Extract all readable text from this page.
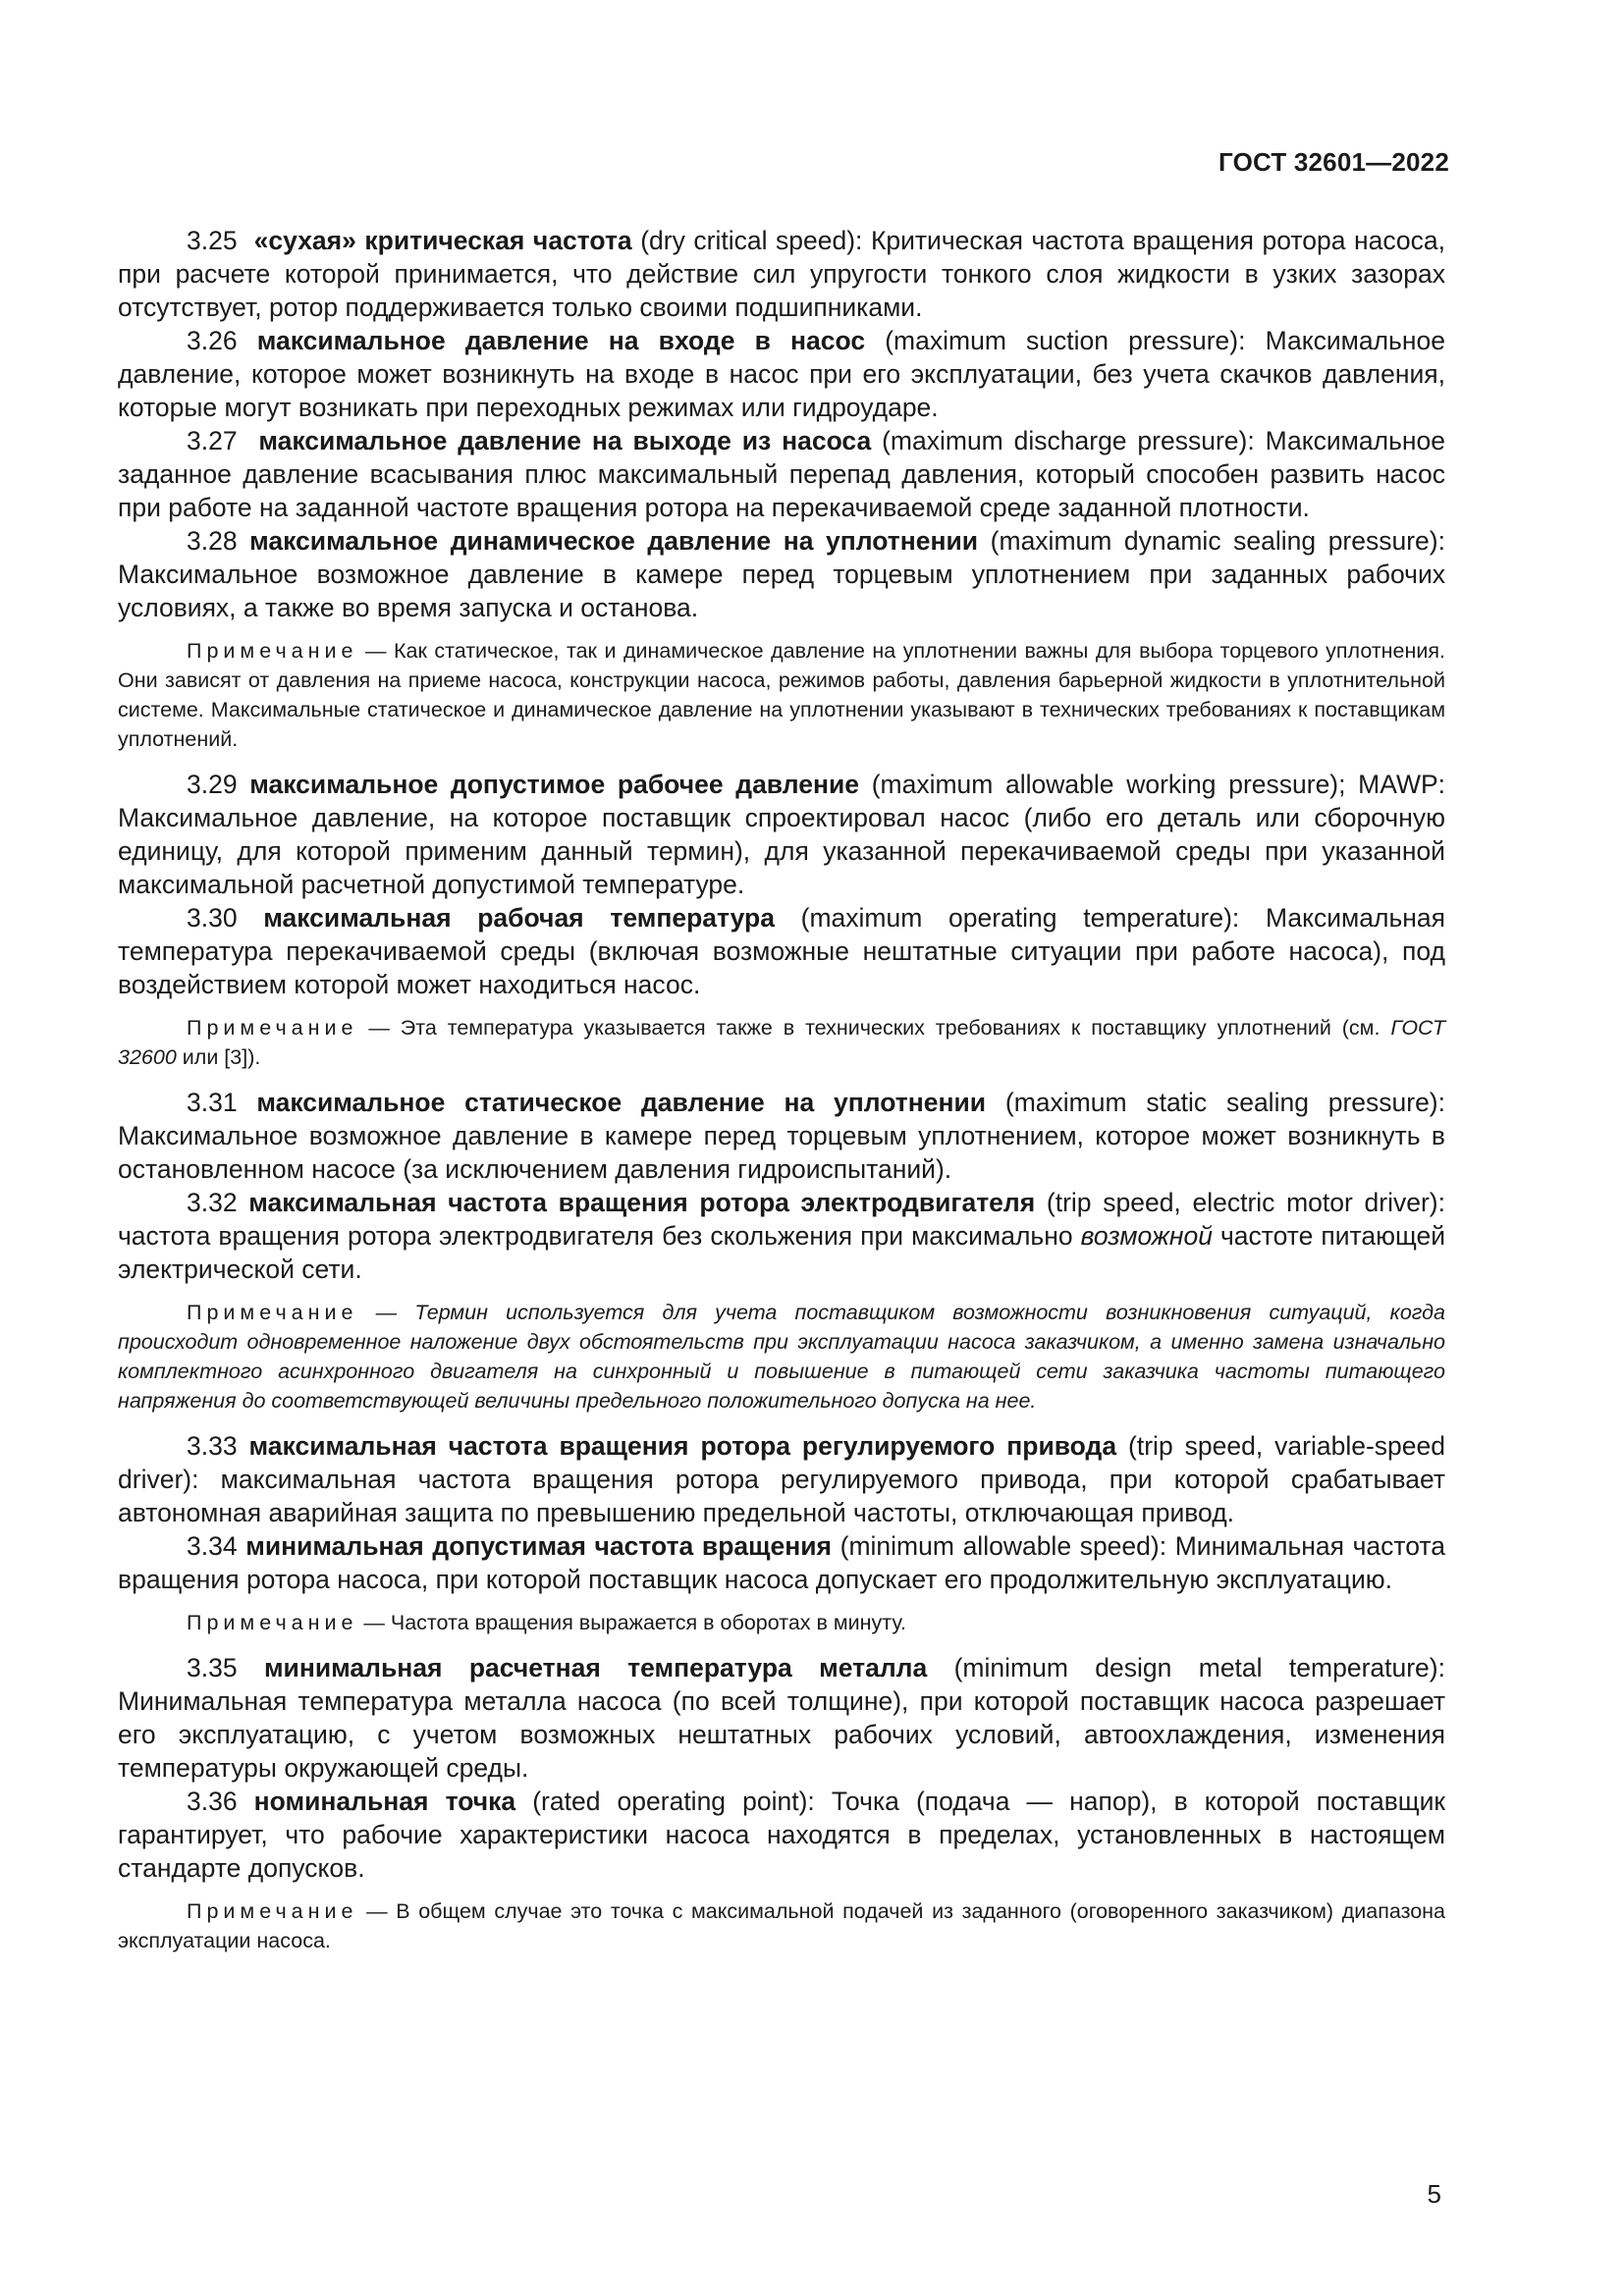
ГОСТ 32601—2022

3.25 «сухая» критическая частота (dry critical speed): Критическая частота вращения ротора насоса, при расчете которой принимается, что действие сил упругости тонкого слоя жидкости в узких зазорах отсутствует, ротор поддерживается только своими подшипниками.

3.26 максимальное давление на входе в насос (maximum suction pressure): Максимальное давление, которое может возникнуть на входе в насос при его эксплуатации, без учета скачков давления, которые могут возникать при переходных режимах или гидроударе.

3.27 максимальное давление на выходе из насоса (maximum discharge pressure): Максимальное заданное давление всасывания плюс максимальный перепад давления, который способен развить насос при работе на заданной частоте вращения ротора на перекачиваемой среде заданной плотности.

3.28 максимальное динамическое давление на уплотнении (maximum dynamic sealing pressure): Максимальное возможное давление в камере перед торцевым уплотнением при заданных рабочих условиях, а также во время запуска и останова.

Примечание — Как статическое, так и динамическое давление на уплотнении важны для выбора торцевого уплотнения. Они зависят от давления на приеме насоса, конструкции насоса, режимов работы, давления барьерной жидкости в уплотнительной системе. Максимальные статическое и динамическое давление на уплотнении указывают в технических требованиях к поставщикам уплотнений.

3.29 максимальное допустимое рабочее давление (maximum allowable working pressure); MAWP: Максимальное давление, на которое поставщик спроектировал насос (либо его деталь или сборочную единицу, для которой применим данный термин), для указанной перекачиваемой среды при указанной максимальной расчетной допустимой температуре.

3.30 максимальная рабочая температура (maximum operating temperature): Максимальная температура перекачиваемой среды (включая возможные нештатные ситуации при работе насоса), под воздействием которой может находиться насос.

Примечание — Эта температура указывается также в технических требованиях к поставщику уплотнений (см. ГОСТ 32600 или [3]).

3.31 максимальное статическое давление на уплотнении (maximum static sealing pressure): Максимальное возможное давление в камере перед торцевым уплотнением, которое может возникнуть в остановленном насосе (за исключением давления гидроиспытаний).

3.32 максимальная частота вращения ротора электродвигателя (trip speed, electric motor driver): частота вращения ротора электродвигателя без скольжения при максимально возможной частоте питающей электрической сети.

Примечание — Термин используется для учета поставщиком возможности возникновения ситуаций, когда происходит одновременное наложение двух обстоятельств при эксплуатации насоса заказчиком, а именно замена изначально комплектного асинхронного двигателя на синхронный и повышение в питающей сети заказчика частоты питающего напряжения до соответствующей величины предельного положительного допуска на нее.

3.33 максимальная частота вращения ротора регулируемого привода (trip speed, variable-speed driver): максимальная частота вращения ротора регулируемого привода, при которой срабатывает автономная аварийная защита по превышению предельной частоты, отключающая привод.

3.34 минимальная допустимая частота вращения (minimum allowable speed): Минимальная частота вращения ротора насоса, при которой поставщик насоса допускает его продолжительную эксплуатацию.

Примечание — Частота вращения выражается в оборотах в минуту.

3.35 минимальная расчетная температура металла (minimum design metal temperature): Минимальная температура металла насоса (по всей толщине), при которой поставщик насоса разрешает его эксплуатацию, с учетом возможных нештатных рабочих условий, автоохлаждения, изменения температуры окружающей среды.

3.36 номинальная точка (rated operating point): Точка (подача — напор), в которой поставщик гарантирует, что рабочие характеристики насоса находятся в пределах, установленных в настоящем стандарте допусков.

Примечание — В общем случае это точка с максимальной подачей из заданного (оговоренного заказчиком) диапазона эксплуатации насоса.

5
